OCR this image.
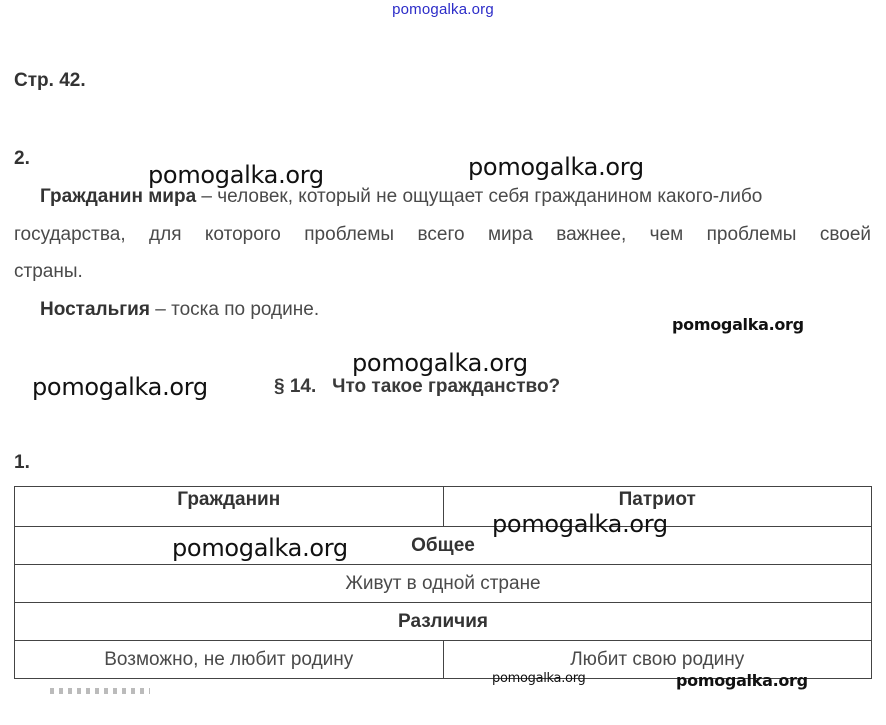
pomogalka.org
Стр. 42.
2.
Гражданин мира – человек, который не ощущает себя гражданином какого-либо
государства, для которого проблемы всего мира важнее, чем проблемы своей
страны.
Ностальгия – тоска по родине.
§ 14. Что такое гражданство?
1.
Гражданин	Патриот
Общее	
Живут в одной стране	
Различия	
Возможно, не любит родину	Любит свою родину
pomogalka.org	pomogalka.org
pomogalka.org
pomogalka.org
pomogalka.org
pomogalka.org
pomogalka.org
pomogalka.org	pomogalka.org
